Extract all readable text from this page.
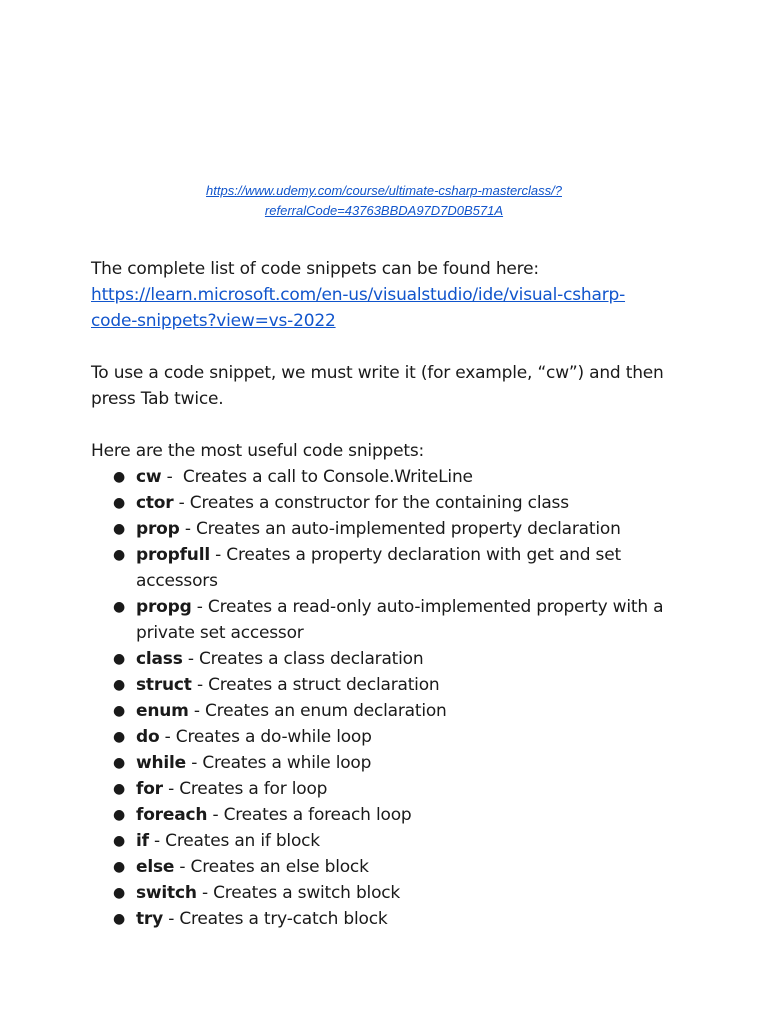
https://www.udemy.com/course/ultimate-csharp-masterclass/?
referralCode=43763BBDA97D7D0B571A

The complete list of code snippets can be found here:

https://learn.microsoft.com/en-us/visualstudio/ide/visual-csharp-
code-snippets?view=vs-2022

To use a code snippet, we must write it (for example, “cw”) and then press Tab twice.

Here are the most useful code snippets:

● cw -  Creates a call to Console.WriteLine
● ctor - Creates a constructor for the containing class
● prop - Creates an auto-implemented property declaration
● propfull - Creates a property declaration with get and set accessors
● propg - Creates a read-only auto-implemented property with a private set accessor
● class - Creates a class declaration
● struct - Creates a struct declaration
● enum - Creates an enum declaration
● do - Creates a do-while loop
● while - Creates a while loop
● for - Creates a for loop
● foreach - Creates a foreach loop
● if - Creates an if block
● else - Creates an else block
● switch - Creates a switch block
● try - Creates a try-catch block
